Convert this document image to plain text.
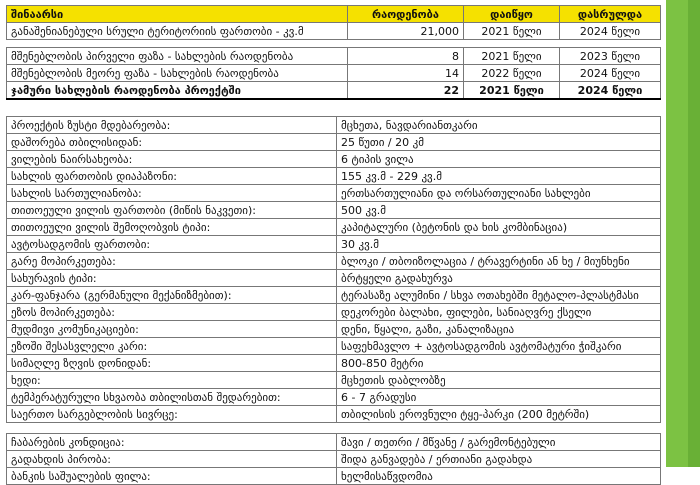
შინაარსი	რაოდენობა	დაიწყო	დასრულდა
განაშენიანებული სრული ტერიტორიის ფართობი - კვ.მ	21,000	2021 წელი	2024 წელი
მშენებლობის პირველი ფაზა - სახლების რაოდენობა	8	2021 წელი	2023 წელი
მშენებლობის მეორე ფაზა - სახლების რაოდენობა	14	2022 წელი	2024 წელი
ჯამური სახლების რაოდენობა პროექტში	22	2021 წელი	2024 წელი
პროექტის ზუსტი მდებარეობა:	მცხეთა, ნავდარიანთკარი
დაშორება თბილისიდან:	25 წუთი / 20 კმ
ვილების ნაირსახეობა:	6 ტიპის ვილა
სახლის ფართობის დიაპაზონი:	155 კვ.მ - 229 კვ.მ
სახლის სართულიანობა:	ერთსართულიანი და ორსართულიანი სახლები
თითოეული ვილის ფართობი (მიწის ნაკვეთი):	500 კვ.მ
თითოეული ვილის შემოღობვის ტიპი:	კაპიტალური (ბეტონის და ხის კომბინაცია)
ავტოსადგომის ფართობი:	30 კვ.მ
გარე მოპირკეთება:	ბლოკი / თბოიზოლაცია / ტრავერტინი ან ხე / მიუნხენი
სახურავის ტიპი:	ბრტყელი გადახურვა
კარ-ფანჯარა (გერმანული მექანიზმებით):	ტერასაზე ალუმინი / სხვა ოთახებში მეტალო-პლასტმასი
ეზოს მოპირკეთება:	დეკორები ბალახი, ფილები, სანიაღვრე ქსელი
მუდმივი კომუნიკაციები:	დენი, წყალი, გაზი, კანალიზაცია
ეზოში შესასვლელი კარი:	საფეხმავლო + ავტოსადგომის ავტომატური ჭიშკარი
სიმაღლე ზღვის დონიდან:	800-850 მეტრი
ხედი:	მცხეთის დაბლობზე
ტემპერატურული სხვაობა თბილისთან შედარებით:	6 - 7 გრადუსი
საერთო სარგებლობის სივრცე:	თბილისის ეროვნული ტყე-პარკი (200 მეტრში)
ჩაბარების კონდიცია:	შავი / თეთრი / მწვანე / გარემონტებული
გადახდის პირობა:	შიდა განვადება / ერთიანი გადახდა
ბანკის საშუალების ფილა:	ხელმისაწვდომია
